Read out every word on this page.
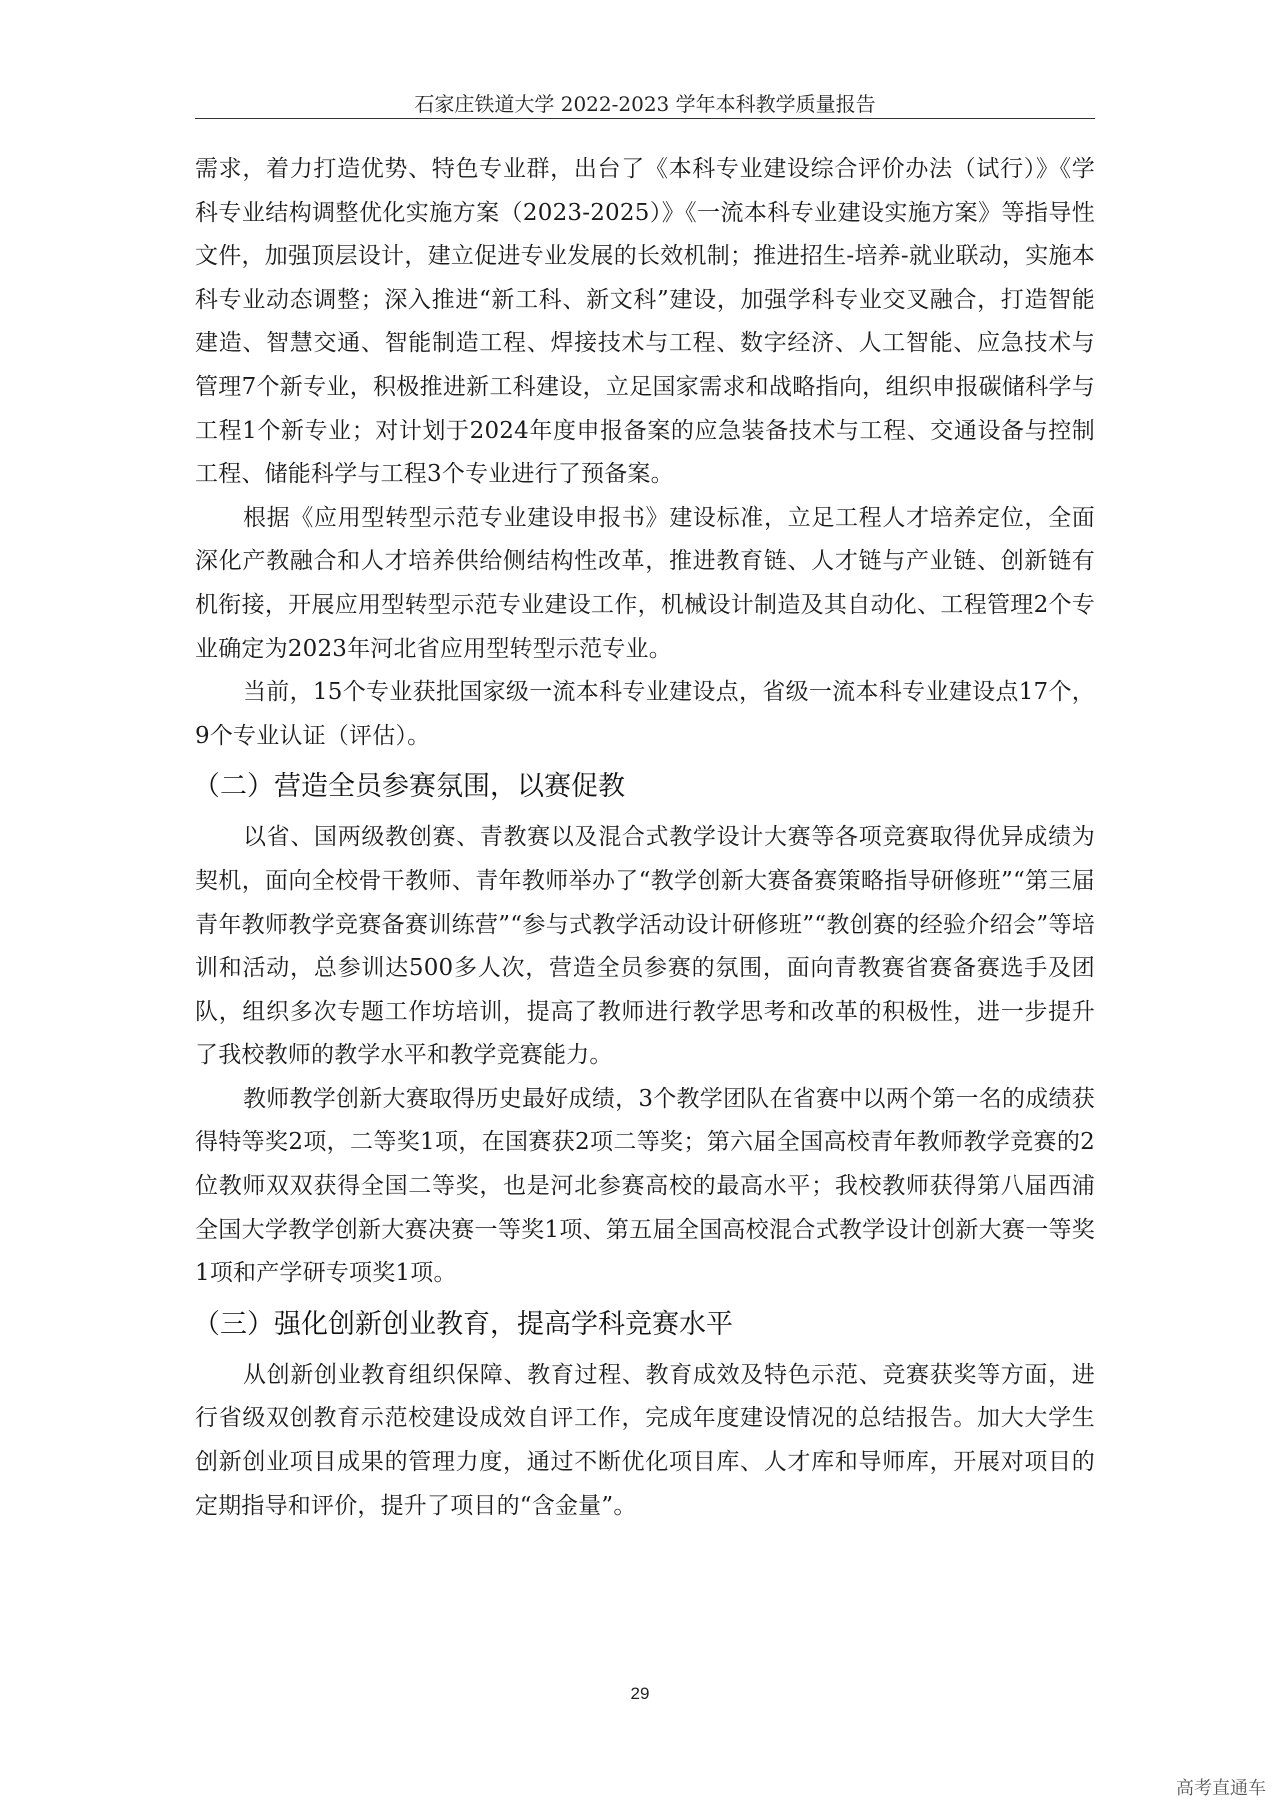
石家庄铁道大学 2022-2023 学年本科教学质量报告

需求，着力打造优势、特色专业群，出台了《本科专业建设综合评价办法（试行）》《学科专业结构调整优化实施方案（2023-2025）》《一流本科专业建设实施方案》等指导性文件，加强顶层设计，建立促进专业发展的长效机制；推进招生-培养-就业联动，实施本科专业动态调整；深入推进“新工科、新文科”建设，加强学科专业交叉融合，打造智能建造、智慧交通、智能制造工程、焊接技术与工程、数字经济、人工智能、应急技术与管理7个新专业，积极推进新工科建设，立足国家需求和战略指向，组织申报碳储科学与工程1个新专业；对计划于2024年度申报备案的应急装备技术与工程、交通设备与控制工程、储能科学与工程3个专业进行了预备案。

根据《应用型转型示范专业建设申报书》建设标准，立足工程人才培养定位，全面深化产教融合和人才培养供给侧结构性改革，推进教育链、人才链与产业链、创新链有机衔接，开展应用型转型示范专业建设工作，机械设计制造及其自动化、工程管理2个专业确定为2023年河北省应用型转型示范专业。

当前，15个专业获批国家级一流本科专业建设点，省级一流本科专业建设点17个，9个专业认证（评估）。

（二）营造全员参赛氛围，以赛促教

以省、国两级教创赛、青教赛以及混合式教学设计大赛等各项竞赛取得优异成绩为契机，面向全校骨干教师、青年教师举办了“教学创新大赛备赛策略指导研修班”“第三届青年教师教学竞赛备赛训练营”“参与式教学活动设计研修班”“教创赛的经验介绍会”等培训和活动，总参训达500多人次，营造全员参赛的氛围，面向青教赛省赛备赛选手及团队，组织多次专题工作坊培训，提高了教师进行教学思考和改革的积极性，进一步提升了我校教师的教学水平和教学竞赛能力。

教师教学创新大赛取得历史最好成绩，3个教学团队在省赛中以两个第一名的成绩获得特等奖2项，二等奖1项，在国赛获2项二等奖；第六届全国高校青年教师教学竞赛的2位教师双双获得全国二等奖，也是河北参赛高校的最高水平；我校教师获得第八届西浦全国大学教学创新大赛决赛一等奖1项、第五届全国高校混合式教学设计创新大赛一等奖1项和产学研专项奖1项。

（三）强化创新创业教育，提高学科竞赛水平

从创新创业教育组织保障、教育过程、教育成效及特色示范、竞赛获奖等方面，进行省级双创教育示范校建设成效自评工作，完成年度建设情况的总结报告。加大大学生创新创业项目成果的管理力度，通过不断优化项目库、人才库和导师库，开展对项目的定期指导和评价，提升了项目的“含金量”。

29
高考直通车
